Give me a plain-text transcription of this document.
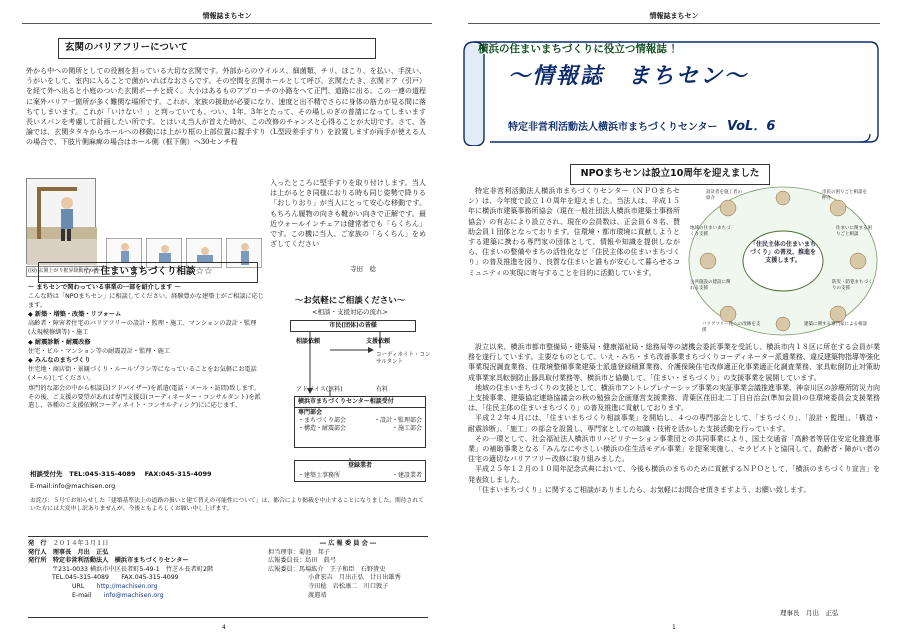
情報誌まちセン
玄関のバリアフリーについて
外から中への関所としての役割を担っている大切な玄関です。外部からのウイルス、細菌類、チリ、ほこり、を払い、手洗い、うがいをして、室内に入ることで菌がいればなおさらです。その空間を玄関ホールとして呼び、玄関たたき、玄関ドア（引戸）を経て外へ出ると小庭のついた玄関ポーチと続く。大小はあるものアプローチの小路をへて正門、道路に出る。この一連の道程に案外バリア一箇所が多く難関な場所です。これが、家族の援助が必要になり、速度と出不精でさらに身体の筋力が見る間に落ちてしまいます。これが「いけない！」と判っていても、つい、1年、3年とたって、その場しのぎの普請になってしまいます長いスパンを考慮して計画したい所です。とはいえ当人が首えた時が、この改修のチャンスと心得ることが大切です。さて、各論では、玄関タタキからホールへの移動には上がり框の上部位置に握手すり（L型段差手すり）を設置しますが両手が使える人の場合で、下肢片側麻痺の場合はホール側（框下側）へ30センチ程
(図) 玄関上がり框昇降動作の例
入ったところに堅手すりを取り付けします。当人は上がるとき同様におりる時も同じ姿勢で降りる「おしりおり」が当人にとって安心な移動です。もちろん履物の向きも靴がい向きで正解です。最近ウォールインチェアは健常者でも「らくちん」です。この機に当人、ご家族の「らくちん」をめざしてください
寺田　稔
☆☆住まいまちづくり相談☆☆
～ まちセンで関わっている事業の一部を紹介します ～
こんな時は「NPOまちセン」に相談してください。経験豊かな建築士がご相談に応じます。
◆ 新築・増築・改築・リフォーム
高齢者・障害者住宅のバリアフリーの設計・監理・施工、マンションの設計・監理(大規模修繕等)・施工
◆ 耐震診断・耐震改修
住宅・ビル・マンション等の耐震設計・監理・施工
◆ みんなのまちづくり
住宅地・商店街・景観づくり・ルールプラン等になっていることをお気軽にお電話(メール)してください。
専門的な部会の中から相談員(アドバイザー)を派遣(電話・メール・訪問)致します。その後、ご支援の要望があれば専門支援員(コーディネーター・コンサルタント)を派遣し、各種のご支援依頼(コーディネイト・コンサルティング)にに応じます。
～お気軽にご相談ください～
<相談・支援対応の流れ>
市民(団体)の皆様
相談依頼	支援依頼
コーディネイト・コンサルタント
アドバイス(無料)	有料
横浜市まちづくりセンター相談受付
専門部会
・まちづくり部会	・設計・監理部会
・構造・耐震部会	・施工部会
登録業者
・建築士事務所	・建設業者
相談受付先 TEL:045-315-4089 FAX:045-315-4099
E-mail:info@machisen.org
お詫び：５号でお知らせした「建築基準法上の道路の扱いと建て替えの可能性について」は、都合により掲載を中止することになりました。期待されていた方には大変申し訳ありませんが、今後ともよろしくお願い申し上げます。
発　行　 ２０１４年３月１日
発行人　 理事長　月出　正弘
発行所　 特定非営利活動法人　横浜市まちづくりセンター
〒231-0033 横浜市中区長者町5-49-1　竹芝ル長者町2階
TEL.045-315-4089　　FAX.045-315-4099
URL　　 http://machisen.org
E-mail　　 info@machisen.org
― 広 報 委 員 会 ―
担当理事：菊池　邦子
広報委員長：島田　眞弓
広報委員：馬場紘介　王子和臣　石野貴史
小倉宏吉　月出正弘　廿日出雄秀
寺田稔　岩松康二　川口敦子
渡邉靖
4
情報誌まちセン
横浜の住まいまちづくりに役立つ情報誌 ！
～情報誌　まちセン～
特定非営利活動法人横浜市まちづくりセンター VoL．6
NPOまちセンは設立10周年を迎えました
特定非営利活動法人横浜市まちづくりセンター（ＮＰＯまちセン）は、今年度で設立１０周年を迎えました。当法人は、平成１５年に横浜市建築事務所協会（現在一般社団法人横浜市建築士事務所協会）の有志により設立され、現在の会員数は、正会員６８名、賛助会員１団体となっております。住環境・都市環境に貢献しようとする建築に携わる専門家の団体として、情報や知識を提供しながら、住まいの整備やまちの活性化など「住民主体の住まいまちづくり」の普及推進を図り、良質な住まいと誰もが安心して暮らせるコミュニティの実現に寄与することを目的に活動しています。
「住民主体の住まいまちづくり」の普及、推進を支援します。
設計者を施工者の紹介
市民の困りごと相談を仲介
地域の住まいまちづくり支援
住まいに関する困りごと相談
公共施設の建設に関わる支援
防災・防犯まちづくりの支援
バリアフリー化への改修を支援
建築に関する専門家による相談
設立以来、横浜市都市整備局・建築局・健康福祉局・総務局等の諸機会委託事業を受託し、横浜市内１８区に所在する会員が業務を遂行しています。主要なものとして、いえ・みち・まち改善事業まちづくりコーディネーター派遣業務、違反建築物指導等強化事業現況調査業務、住環境整備事業建築士派遣登録積算業務、介護保険住宅改修適正化事業適正化調査業務、家具転倒防止対策助成事業家具転倒防止器具取付業務等、横浜市と協働して、「住まい・まちづくり」の支援事業を展開しています。
地域の住まいまちづくりの支援として、横浜市アントレプレナーシップ事業の実証事業会議推進事業、神奈川区の診療所防災力向上支援事業、建築協定連絡協議会の秋の勉強会企画運営支援業務、青葉区荏田北二丁目自治会(準加会員)の住環境委員会支援業務は、「住民主体の住まいまちづくり」の普及推進に貢献しております。
平成２２年４月には、「住まいまちづくり相談事業」を開始し、４つの専門部会として、「まちづくり」、「設計・監理」、「構造・耐震診断」、「施工」の部会を設置し、専門家としての知識・技術を活かした支援活動を行っています。
その一環として、社会福祉法人横浜市リハビリテーション事業団との共同事業により、国土交通省「高齢者等居住安定化推進事業」の補助事業となる「みんなにやさしい横浜の住生活モデル事業」を提案実施し、セラピストと協同して、高齢者・障がい者の住宅の適切なバリアフリー改修に取り組みました。
平成２５年１２月の１０周年記念式典において、今後も横浜のまちのために貢献するＮＰＯとして、「横浜のまちづくり宣言」を発表致しました。
「住まいまちづくり」に関するご相談がありましたら、お気軽にお問合せ頂きますよう、お願い致します。
理事長　月出　正弘
1
